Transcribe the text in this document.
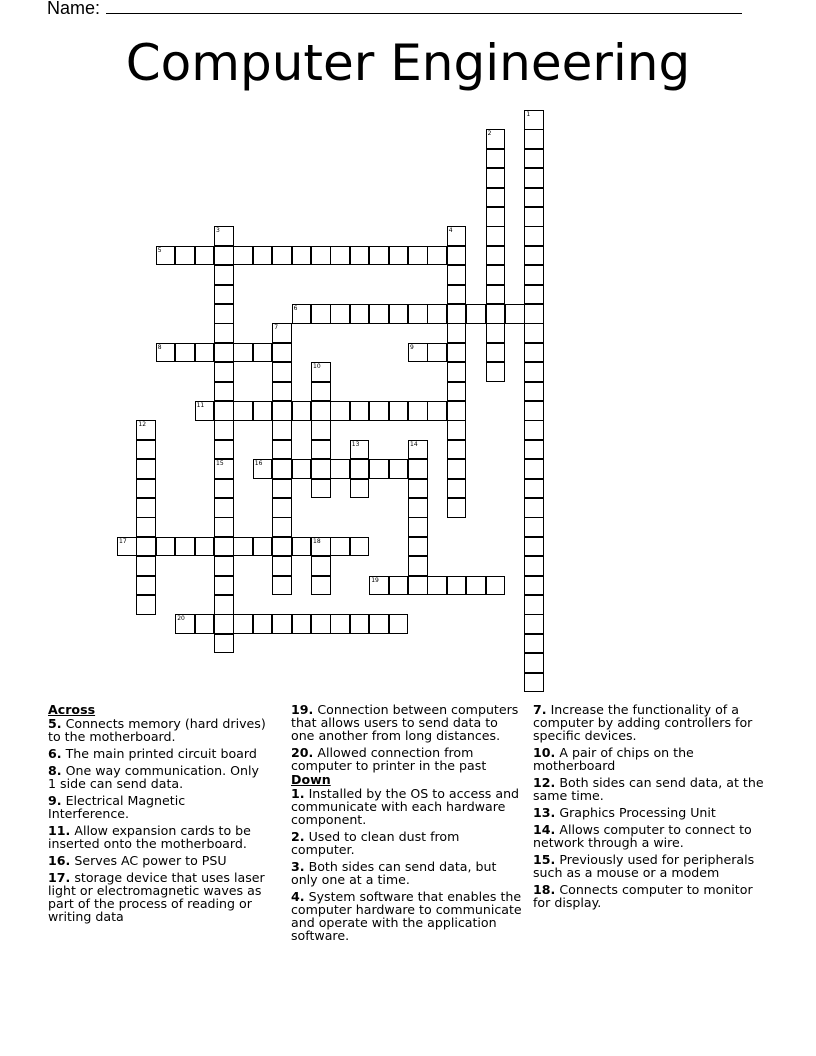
Name:
Computer Engineering
1
2
3
15
4
5
6
7
8	9
10
11
12
13	14
16
17	18
19
20
Across
5. Connects memory (hard drives) to the motherboard.
6. The main printed circuit board
8. One way communication. Only 1 side can send data.
9. Electrical Magnetic Interference.
11. Allow expansion cards to be inserted onto the motherboard.
16. Serves AC power to PSU
17. storage device that uses laser light or electromagnetic waves as part of the process of reading or writing data
19. Connection between computers that allows users to send data to one another from long distances.
20. Allowed connection from computer to printer in the past
Down
1. Installed by the OS to access and communicate with each hardware component.
2. Used to clean dust from computer.
3. Both sides can send data, but only one at a time.
4. System software that enables the computer hardware to communicate and operate with the application software.
7. Increase the functionality of a computer by adding controllers for specific devices.
10. A pair of chips on the motherboard
12. Both sides can send data, at the same time.
13. Graphics Processing Unit
14. Allows computer to connect to network through a wire.
15. Previously used for peripherals such as a mouse or a modem
18. Connects computer to monitor for display.
